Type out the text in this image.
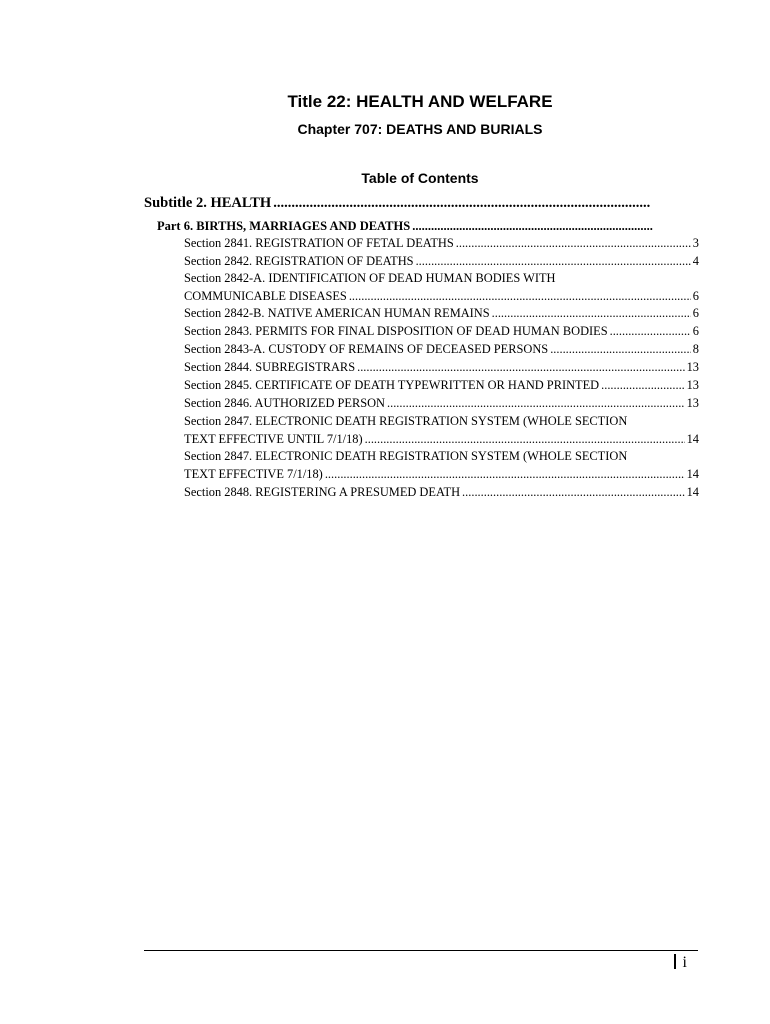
Title 22: HEALTH AND WELFARE
Chapter 707: DEATHS AND BURIALS
Table of Contents
Subtitle 2. HEALTH
.....
Part 6. BIRTHS, MARRIAGES AND DEATHS
.....
Section 2841. REGISTRATION OF FETAL DEATHS .....	3
Section 2842. REGISTRATION OF DEATHS .....	4
Section 2842-A. IDENTIFICATION OF DEAD HUMAN BODIES WITH
COMMUNICABLE DISEASES .....	6
Section 2842-B. NATIVE AMERICAN HUMAN REMAINS .....	6
Section 2843. PERMITS FOR FINAL DISPOSITION OF DEAD HUMAN BODIES .....	6
Section 2843-A. CUSTODY OF REMAINS OF DECEASED PERSONS .....	8
Section 2844. SUBREGISTRARS .....	13
Section 2845. CERTIFICATE OF DEATH TYPEWRITTEN OR HAND PRINTED .....	13
Section 2846. AUTHORIZED PERSON .....	13
Section 2847. ELECTRONIC DEATH REGISTRATION SYSTEM (WHOLE SECTION
TEXT EFFECTIVE UNTIL 7/1/18) .....	14
Section 2847. ELECTRONIC DEATH REGISTRATION SYSTEM (WHOLE SECTION
TEXT EFFECTIVE 7/1/18) .....	14
Section 2848. REGISTERING A PRESUMED DEATH .....	14
i
